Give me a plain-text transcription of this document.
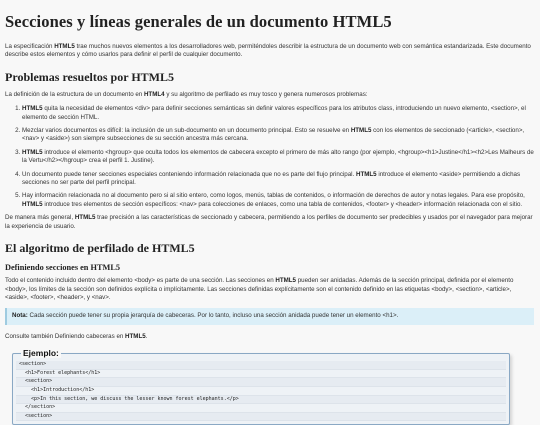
Secciones y líneas generales de un documento HTML5

La especificación HTML5 trae muchos nuevos elementos a los desarrolladores web, permiténdoles describir la estructura de un documento web con semántica estandarizada. Este documento describe estos elementos y cómo usarlos para definir el perfil de cualquier documento.

Problemas resueltos por HTML5

La definición de la estructura de un documento en HTML4 y su algoritmo de perfilado es muy tosco y genera numerosos problemas:

1. HTML5 quita la necesidad de elementos <div> para definir secciones semánticas sin definir valores específicos para los atributos class, introduciendo un nuevo elemento, <section>, el elemento de sección HTML.
2. Mezclar varios documentos es difícil: la inclusión de un sub-documento en un documento principal. Esto se resuelve en HTML5 con los elementos de seccionado (<article>, <section>, <nav> y <aside>) son siempre subsecciones de su sección ancestra más cercana.
3. HTML5 introduce el elemento <hgroup> que oculta todos los elementos de cabecera excepto el primero de más alto rango (por ejemplo, <hgroup><h1>Justine</h1><h2>Les Malheurs de la Vertu</h2></hgroup> crea el perfil 1. Justine).
4. Un documento puede tener secciones especiales conteniendo información relacionada que no es parte del flujo principal. HTML5 introduce el elemento <aside> permitiendo a dichas secciones no ser parte del perfil principal.
5. Hay información relacionada no al documento pero si al sitio entero, como logos, menús, tablas de contenidos, o información de derechos de autor y notas legales. Para ese propósito, HTML5 introduce tres elementos de sección específicos: <nav> para colecciones de enlaces, como una tabla de contenidos, <footer> y <header> información relacionada con el sitio.

De manera más general, HTML5 trae precisión a las características de seccionado y cabecera, permitiendo a los perfiles de documento ser predecibles y usados por el navegador para mejorar la experiencia de usuario.

El algoritmo de perfilado de HTML5
Definiendo secciones en HTML5

Todo el contenido incluido dentro del elemento <body> es parte de una sección. Las secciones en HTML5 pueden ser anidadas. Además de la sección principal, definida por el elemento <body>, los límites de la sección son definidos explícita o implícitamente. Las secciones definidas explícitamente son el contenido definido en las etiquetas <body>, <section>, <article>, <aside>, <footer>, <header>, y <nav>.

Nota: Cada sección puede tener su propia jerarquía de cabeceras. Por lo tanto, incluso una sección anidada puede tener un elemento <h1>.

Consulte también Definiendo cabeceras en HTML5.

Ejemplo:
<section>
<h1>Forest elephants</h1>
<section>
<h1>Introduction</h1>
<p>In this section, we discuss the lesser known forest elephants.</p>
</section>
<section>
